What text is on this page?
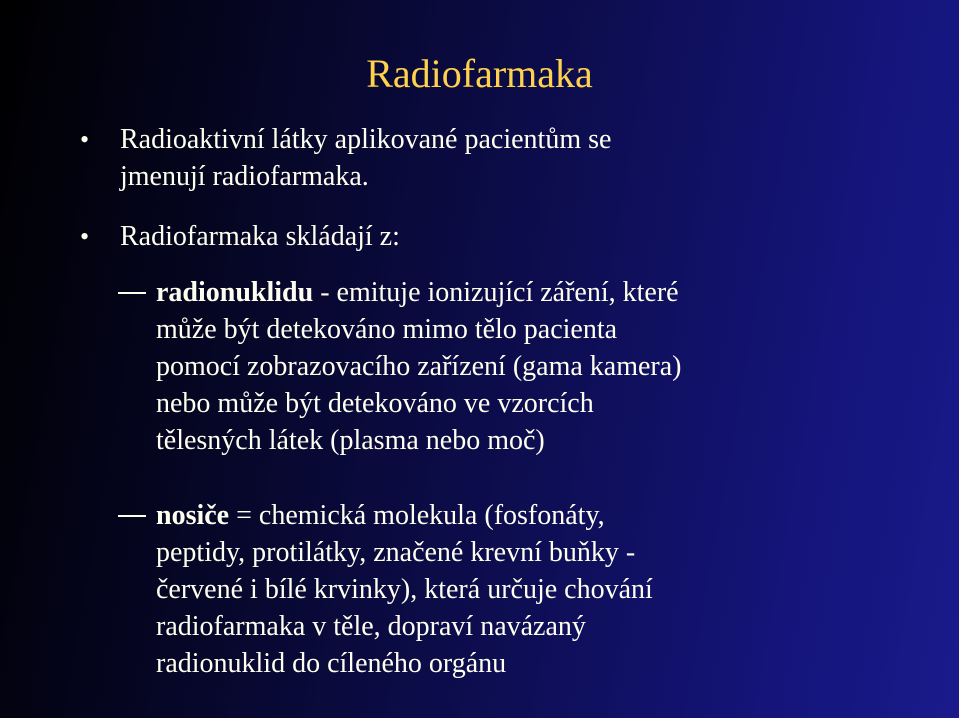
Radiofarmaka
•	Radioaktivní látky aplikované pacientům se
jmenují radiofarmaka.
•	Radiofarmaka skládají z:
radionuklidu - emituje ionizující záření, které
může být detekováno mimo tělo pacienta
pomocí zobrazovacího zařízení (gama kamera)
nebo může být detekováno ve vzorcích
tělesných látek (plasma nebo moč)
nosiče = chemická molekula (fosfonáty,
peptidy, protilátky, značené krevní buňky -
červené i bílé krvinky), která určuje chování
radiofarmaka v těle, dopraví navázaný
radionuklid do cíleného orgánu
